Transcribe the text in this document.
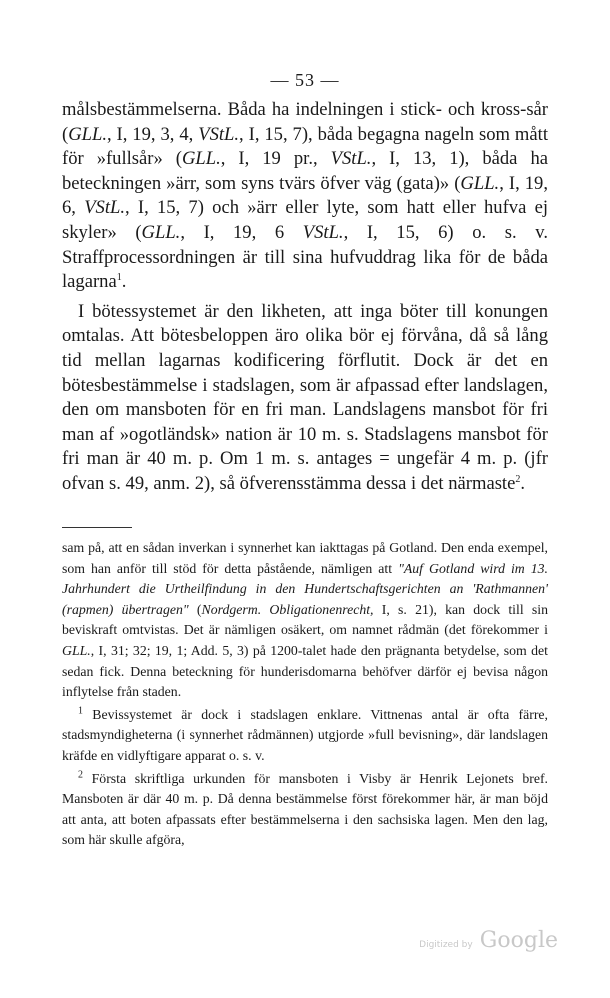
— 53 —

målsbestämmelserna. Båda ha indelningen i stick- och kross-sår (GLL., I, 19, 3, 4, VStL., I, 15, 7), båda begagna nageln som mått för »fullsår» (GLL., I, 19 pr., VStL., I, 13, 1), båda ha beteckningen »ärr, som syns tvärs öfver väg (gata)» (GLL., I, 19, 6, VStL., I, 15, 7) och »ärr eller lyte, som hatt eller hufva ej skyler» (GLL., I, 19, 6 VStL., I, 15, 6) o. s. v. Straffprocessordningen är till sina hufvuddrag lika för de båda lagarna$^1$.

I bötessystemet är den likheten, att inga böter till konungen omtalas. Att bötesbeloppen äro olika bör ej förvåna, då så lång tid mellan lagarnas kodificering förflutit. Dock är det en bötesbestämmelse i stadslagen, som är afpassad efter landslagen, den om mansboten för en fri man. Landslagens mansbot för fri man af »ogotländsk» nation är 10 m. s. Stadslagens mansbot för fri man är 40 m. p. Om 1 m. s. antages = ungefär 4 m. p. (jfr ofvan s. 49, anm. 2), så öfverensstämma dessa i det närmaste$^2$.

sam på, att en sådan inverkan i synnerhet kan iakttagas på Gotland. Den enda exempel, som han anför till stöd för detta påstående, nämligen att "Auf Gotland wird im 13. Jahrhundert die Urtheilfindung in den Hundertschaftsgerichten an 'Rathmannen' (rapmen) übertragen" (Nordgerm. Obligationenrecht, I, s. 21), kan dock till sin beviskraft omtvistas. Det är nämligen osäkert, om namnet rådmän (det förekommer i GLL., I, 31; 32; 19, 1; Add. 5, 3) på 1200-talet hade den prägnanta betydelse, som det sedan fick. Denna beteckning för hunderisdomarna behöfver därför ej bevisa någon inflytelse från staden.

$^1$ Bevissystemet är dock i stadslagen enklare. Vittnenas antal är ofta färre, stadsmyndigheterna (i synnerhet rådmännen) utgjorde »full bevisning», där landslagen kräfde en vidlyftigare apparat o. s. v.

$^2$ Första skriftliga urkunden för mansboten i Visby är Henrik Lejonets bref. Mansboten är där 40 m. p. Då denna bestämmelse först förekommer här, är man böjd att anta, att boten afpassats efter bestämmelserna i den sachsiska lagen. Men den lag, som här skulle afgöra,

Digitized by Google
